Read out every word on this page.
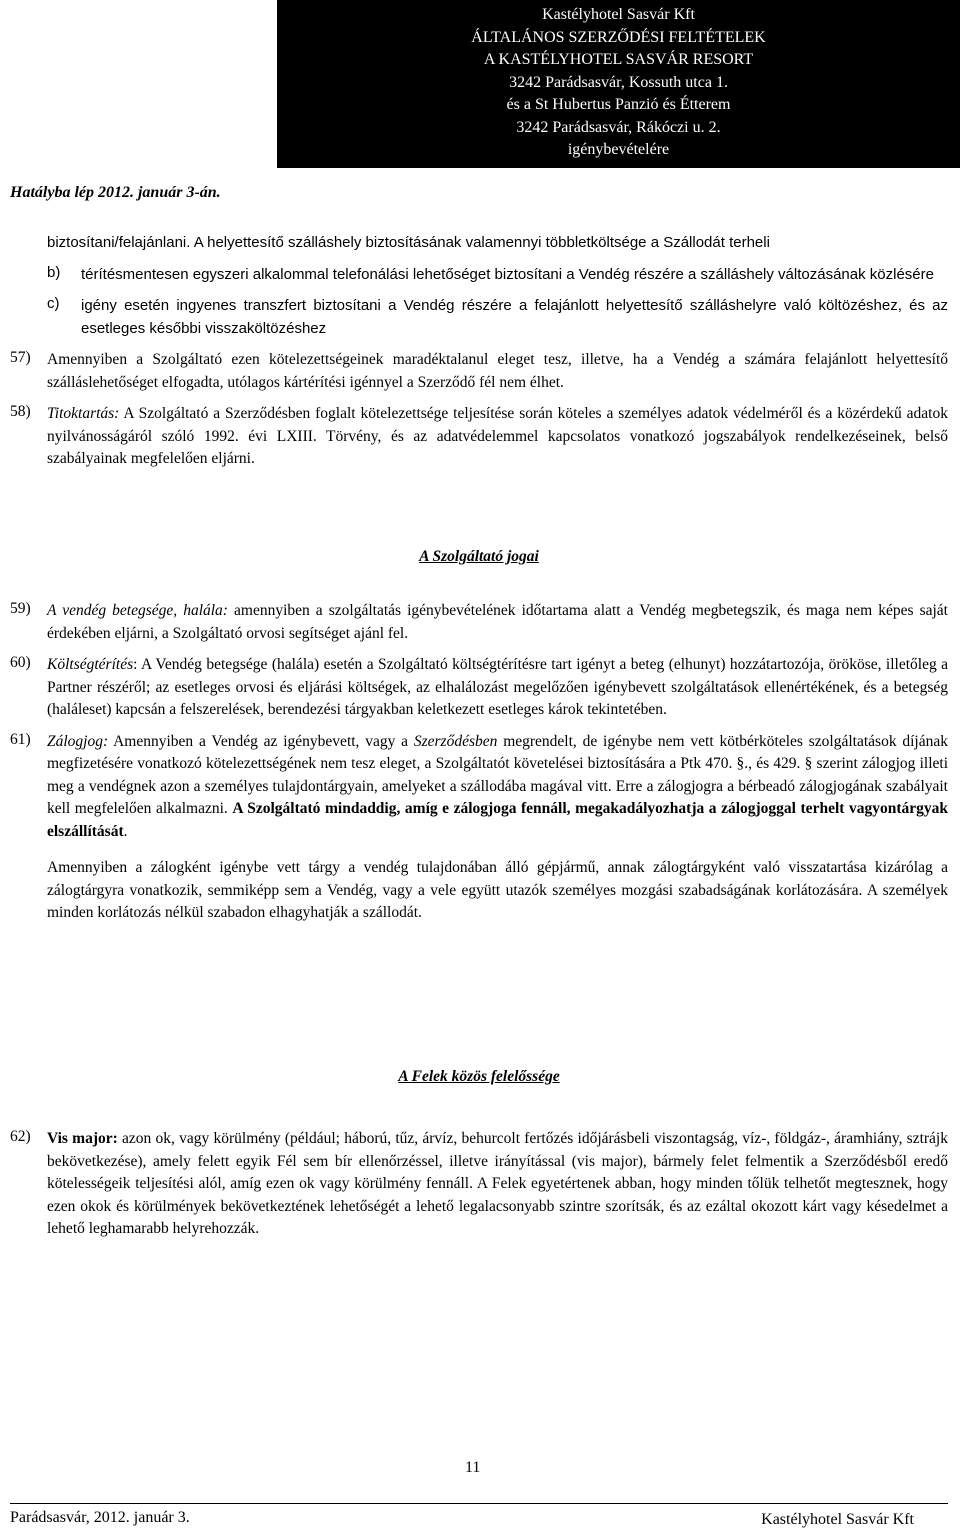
Kastélyhotel Sasvár Kft
ÁLTALÁNOS SZERZŐDÉSI FELTÉTELEK
A KASTÉLYHOTEL SASVÁR RESORT
3242 Parádsasvár, Kossuth utca 1.
és a St Hubertus Panzió és Étterem
3242 Parádsasvár, Rákóczi u. 2.
igénybevételére
Hatályba lép 2012. január 3-án.

biztosítani/felajánlani. A helyettesítő szálláshely biztosításának valamennyi többletköltsége a Szállodát terheli

b) térítésmentesen egyszeri alkalommal telefonálási lehetőséget biztosítani a Vendég részére a szálláshely változásának közlésére

c) igény esetén ingyenes transzfert biztosítani a Vendég részére a felajánlott helyettesítő szálláshelyre való költözéshez, és az esetleges későbbi visszaköltözéshez

57) Amennyiben a Szolgáltató ezen kötelezettségeinek maradéktalanul eleget tesz, illetve, ha a Vendég a számára felajánlott helyettesítő szálláslehetőséget elfogadta, utólagos kártérítési igénnyel a Szerződő fél nem élhet.

58) Titoktartás: A Szolgáltató a Szerződésben foglalt kötelezettsége teljesítése során köteles a személyes adatok védelméről és a közérdekű adatok nyilvánosságáról szóló 1992. évi LXIII. Törvény, és az adatvédelemmel kapcsolatos vonatkozó jogszabályok rendelkezéseinek, belső szabályainak megfelelően eljárni.

A Szolgáltató jogai

59) A vendég betegsége, halála: amennyiben a szolgáltatás igénybevételének időtartama alatt a Vendég megbetegszik, és maga nem képes saját érdekében eljárni, a Szolgáltató orvosi segítséget ajánl fel.

60) Költségtérítés: A Vendég betegsége (halála) esetén a Szolgáltató költségtérítésre tart igényt a beteg (elhunyt) hozzátartozója, örököse, illetőleg a Partner részéről; az esetleges orvosi és eljárási költségek, az elhalálozást megelőzően igénybevett szolgáltatások ellenértékének, és a betegség (haláleset) kapcsán a felszerelések, berendezési tárgyakban keletkezett esetleges károk tekintetében.

61) Zálogjog: Amennyiben a Vendég az igénybevett, vagy a Szerződésben megrendelt, de igénybe nem vett kötbérköteles szolgáltatások díjának megfizetésére vonatkozó kötelezettségének nem tesz eleget, a Szolgáltatót követelései biztosítására a Ptk 470. §., és 429. § szerint zálogjog illeti meg a vendégnek azon a személyes tulajdontárgyain, amelyeket a szállodába magával vitt. Erre a zálogjogra a bérbeadó zálogjogának szabályait kell megfelelően alkalmazni. A Szolgáltató mindaddig, amíg e zálogjoga fennáll, megakadályozhatja a zálogjoggal terhelt vagyontárgyak elszállítását.

Amennyiben a zálogként igénybe vett tárgy a vendég tulajdonában álló gépjármű, annak zálogtárgyként való visszatartása kizárólag a zálogtárgyra vonatkozik, semmiképp sem a Vendég, vagy a vele együtt utazók személyes mozgási szabadságának korlátozására. A személyek minden korlátozás nélkül szabadon elhagyhatják a szállodát.

A Felek közös felelőssége

62) Vis major: azon ok, vagy körülmény (például; háború, tűz, árvíz, behurcolt fertőzés időjárásbeli viszontagság, víz-, földgáz-, áramhiány, sztrájk bekövetkezése), amely felett egyik Fél sem bír ellenőrzéssel, illetve irányítással (vis major), bármely felet felmentik a Szerződésből eredő kötelességeik teljesítési alól, amíg ezen ok vagy körülmény fennáll. A Felek egyetértenek abban, hogy minden tőlük telhetőt megtesznek, hogy ezen okok és körülmények bekövetkeztének lehetőségét a lehető legalacsonyabb szintre szorítsák, és az ezáltal okozott kárt vagy késedelmet a lehető leghamarabb helyrehozzák.

11
Parádsasvár, 2012. január 3.	Kastélyhotel Sasvár Kft
